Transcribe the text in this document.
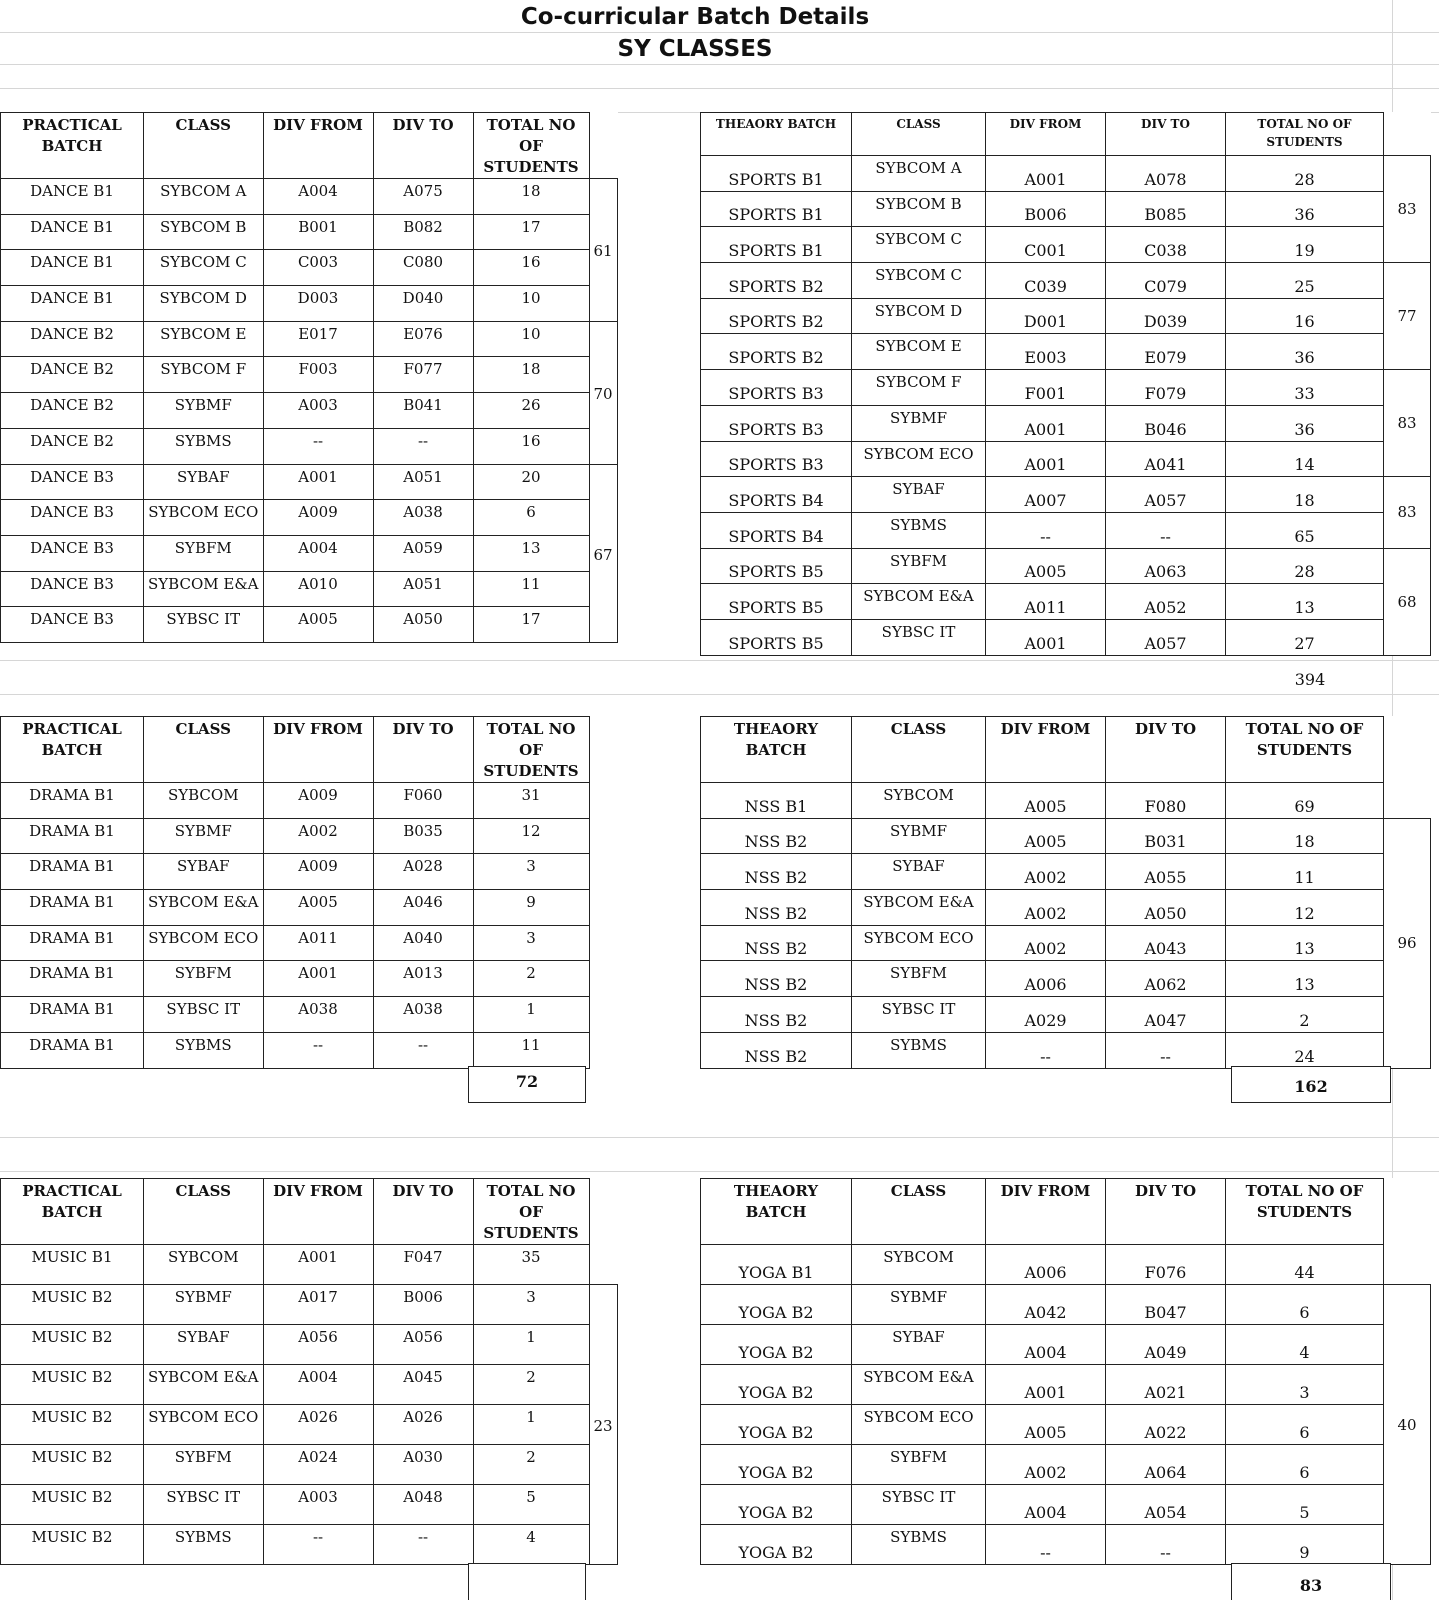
Co-curricular Batch Details
SY CLASSES
PRACTICAL BATCH	CLASS	DIV FROM	DIV TO	TOTAL NO OF STUDENTS	
DANCE B1	SYBCOM A	A004	A075	18	61
DANCE B1	SYBCOM B	B001	B082	17	
DANCE B1	SYBCOM C	C003	C080	16	
DANCE B1	SYBCOM D	D003	D040	10	
DANCE B2	SYBCOM E	E017	E076	10	70
DANCE B2	SYBCOM F	F003	F077	18	
DANCE B2	SYBMF	A003	B041	26	
DANCE B2	SYBMS	--	--	16	
DANCE B3	SYBAF	A001	A051	20	67
DANCE B3	SYBCOM ECO	A009	A038	6	
DANCE B3	SYBFM	A004	A059	13	
DANCE B3	SYBCOM E&A	A010	A051	11	
DANCE B3	SYBSC IT	A005	A050	17	
THEAORY BATCH	CLASS	DIV FROM	DIV TO	TOTAL NO OF STUDENTS	
SPORTS B1	SYBCOM A	A001	A078	28	83
SPORTS B1	SYBCOM B	B006	B085	36	
SPORTS B1	SYBCOM C	C001	C038	19	
SPORTS B2	SYBCOM C	C039	C079	25	77
SPORTS B2	SYBCOM D	D001	D039	16	
SPORTS B2	SYBCOM E	E003	E079	36	
SPORTS B3	SYBCOM F	F001	F079	33	83
SPORTS B3	SYBMF	A001	B046	36	
SPORTS B3	SYBCOM ECO	A001	A041	14	
SPORTS B4	SYBAF	A007	A057	18	83
SPORTS B4	SYBMS	--	--	65	
SPORTS B5	SYBFM	A005	A063	28	68
SPORTS B5	SYBCOM E&A	A011	A052	13	
SPORTS B5	SYBSC IT	A001	A057	27	
394
PRACTICAL BATCH	CLASS	DIV FROM	DIV TO	TOTAL NO OF STUDENTS	
DRAMA B1	SYBCOM	A009	F060	31	
DRAMA B1	SYBMF	A002	B035	12	
DRAMA B1	SYBAF	A009	A028	3	
DRAMA B1	SYBCOM E&A	A005	A046	9	
DRAMA B1	SYBCOM ECO	A011	A040	3	
DRAMA B1	SYBFM	A001	A013	2	
DRAMA B1	SYBSC IT	A038	A038	1	
DRAMA B1	SYBMS	--	--	11	
72
THEAORY BATCH	CLASS	DIV FROM	DIV TO	TOTAL NO OF STUDENTS	
NSS B1	SYBCOM	A005	F080	69	
NSS B2	SYBMF	A005	B031	18	96
NSS B2	SYBAF	A002	A055	11	
NSS B2	SYBCOM E&A	A002	A050	12	
NSS B2	SYBCOM ECO	A002	A043	13	
NSS B2	SYBFM	A006	A062	13	
NSS B2	SYBSC IT	A029	A047	2	
NSS B2	SYBMS	--	--	24	
162
PRACTICAL BATCH	CLASS	DIV FROM	DIV TO	TOTAL NO OF STUDENTS	
MUSIC B1	SYBCOM	A001	F047	35	
MUSIC B2	SYBMF	A017	B006	3	23
MUSIC B2	SYBAF	A056	A056	1	
MUSIC B2	SYBCOM E&A	A004	A045	2	
MUSIC B2	SYBCOM ECO	A026	A026	1	
MUSIC B2	SYBFM	A024	A030	2	
MUSIC B2	SYBSC IT	A003	A048	5	
MUSIC B2	SYBMS	--	--	4	
THEAORY BATCH	CLASS	DIV FROM	DIV TO	TOTAL NO OF STUDENTS	
YOGA B1	SYBCOM	A006	F076	44	
YOGA B2	SYBMF	A042	B047	6	40
YOGA B2	SYBAF	A004	A049	4	
YOGA B2	SYBCOM E&A	A001	A021	3	
YOGA B2	SYBCOM ECO	A005	A022	6	
YOGA B2	SYBFM	A002	A064	6	
YOGA B2	SYBSC IT	A004	A054	5	
YOGA B2	SYBMS	--	--	9	
83
